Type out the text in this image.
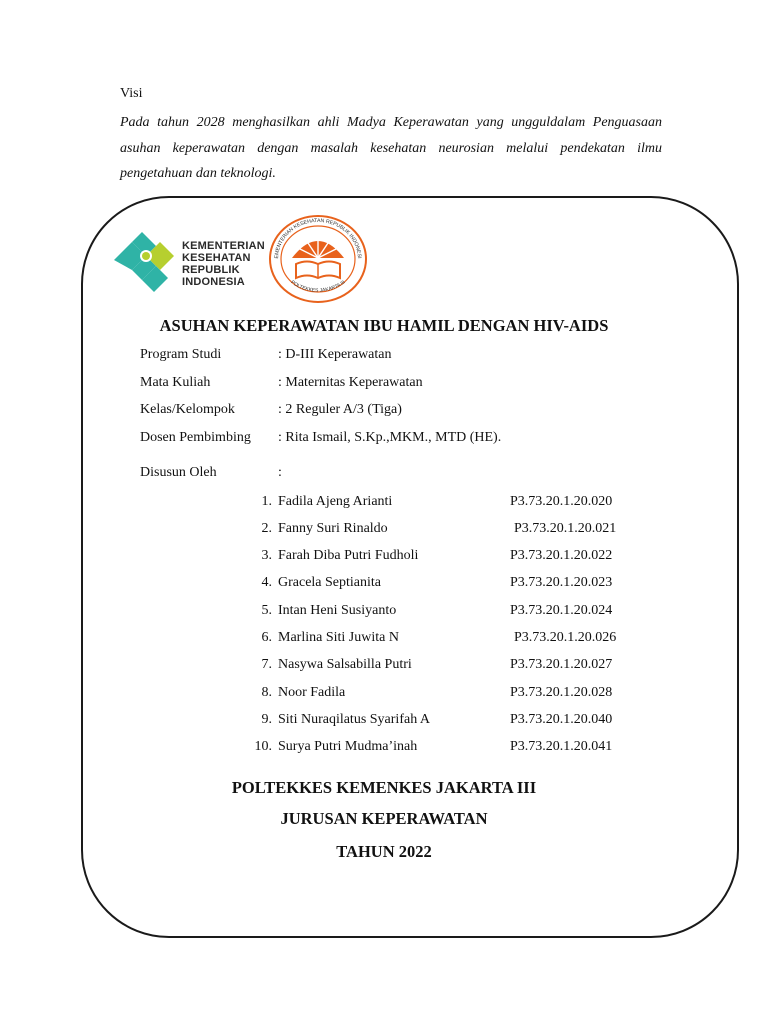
Visi
Pada tahun 2028 menghasilkan ahli Madya Keperawatan yang ungguldalam Penguasaan asuhan keperawatan dengan masalah kesehatan neurosian melalui pendekatan ilmu pengetahuan dan teknologi.
KEMENTERIAN
KESEHATAN
REPUBLIK
INDONESIA
EMENTERIAN KESEHATAN REPUBLIK INDONESI
POLTEKKES JAKARTA III
ASUHAN KEPERAWATAN IBU HAMIL DENGAN HIV-AIDS
Program Studi	: D-III Keperawatan
Mata Kuliah	: Maternitas Keperawatan
Kelas/Kelompok	: 2 Reguler A/3 (Tiga)
Dosen Pembimbing : Rita Ismail, S.Kp.,MKM., MTD (HE).
Disusun Oleh	:
1. Fadila Ajeng Arianti	P3.73.20.1.20.020
2. Fanny Suri Rinaldo	P3.73.20.1.20.021
3. Farah Diba Putri Fudholi	P3.73.20.1.20.022
4. Gracela Septianita	P3.73.20.1.20.023
5. Intan Heni Susiyanto	P3.73.20.1.20.024
6. Marlina Siti Juwita N	P3.73.20.1.20.026
7. Nasywa Salsabilla Putri	P3.73.20.1.20.027
8. Noor Fadila	P3.73.20.1.20.028
9. Siti Nuraqilatus Syarifah A	P3.73.20.1.20.040
10. Surya Putri Mudma’inah	P3.73.20.1.20.041
POLTEKKES KEMENKES JAKARTA III
JURUSAN KEPERAWATAN
TAHUN 2022
